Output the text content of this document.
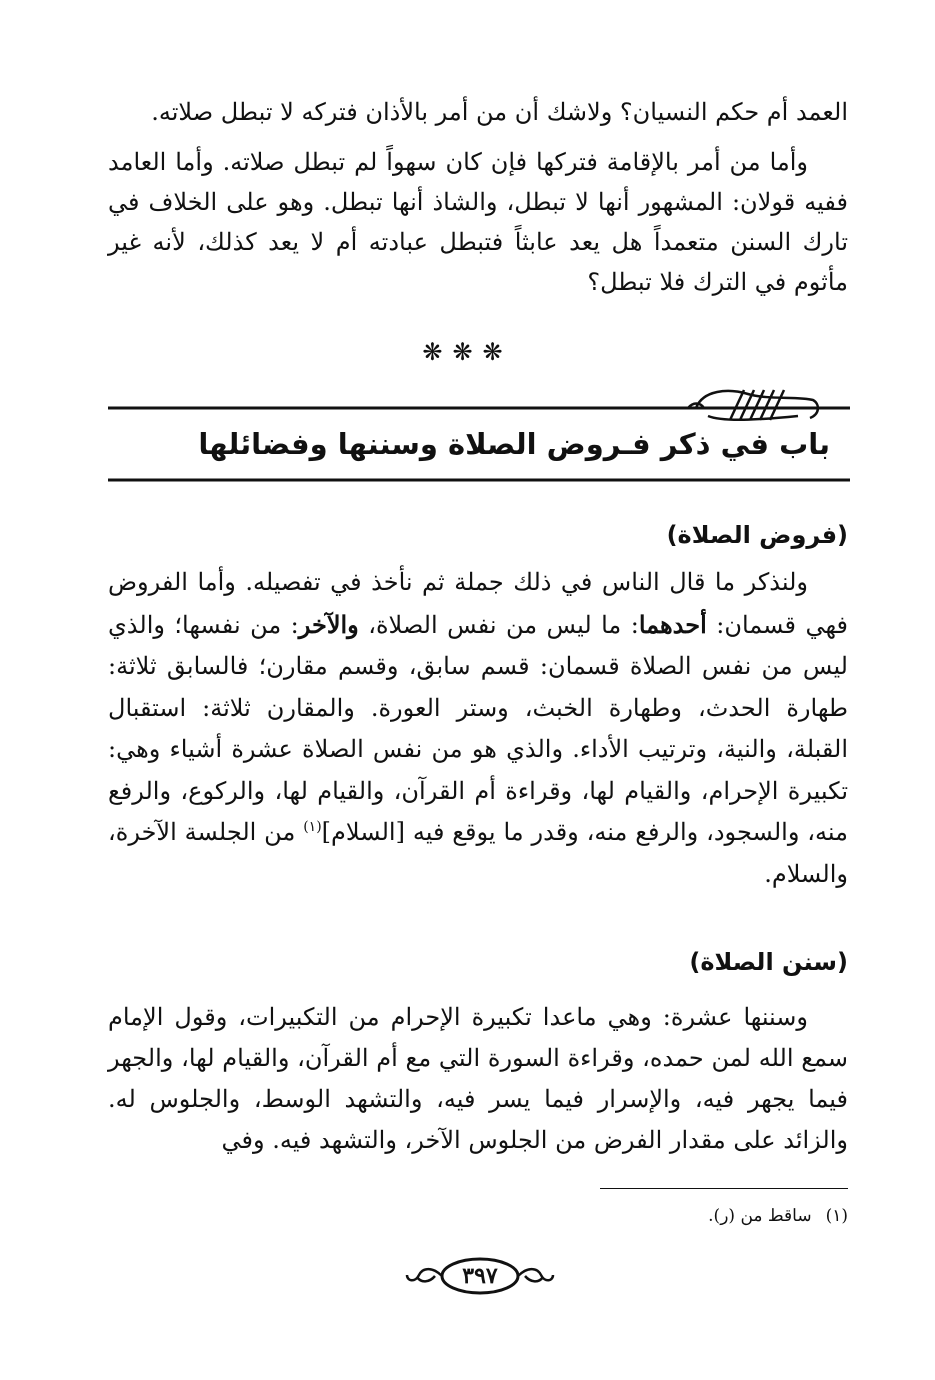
العمد أم حكم النسيان؟ ولاشك أن من أمر بالأذان فتركه لا تبطل صلاته.

وأما من أمر بالإقامة فتركها فإن كان سهواً لم تبطل صلاته. وأما العامد ففيه قولان: المشهور أنها لا تبطل، والشاذ أنها تبطل. وهو على الخلاف في تارك السنن متعمداً هل يعد عابثاً فتبطل عبادته أم لا يعد كذلك، لأنه غير مأثوم في الترك فلا تبطل؟

❋❋❋
باب في ذكر فـروض الصلاة وسننها وفضائلها
(فروض الصلاة)

ولنذكر ما قال الناس في ذلك جملة ثم نأخذ في تفصيله. وأما الفروض فهي قسمان: أحدهما: ما ليس من نفس الصلاة، والآخر: من نفسها؛ والذي ليس من نفس الصلاة قسمان: قسم سابق، وقسم مقارن؛ فالسابق ثلاثة: طهارة الحدث، وطهارة الخبث، وستر العورة. والمقارن ثلاثة: استقبال القبلة، والنية، وترتيب الأداء. والذي هو من نفس الصلاة عشرة أشياء وهي: تكبيرة الإحرام، والقيام لها، وقراءة أم القرآن، والقيام لها، والركوع، والرفع منه، والسجود، والرفع منه، وقدر ما يوقع فيه [السلام]$^{(١)}$ من الجلسة الآخرة، والسلام.

(سنن الصلاة)

وسننها عشرة: وهي ماعدا تكبيرة الإحرام من التكبيرات، وقول الإمام سمع الله لمن حمده، وقراءة السورة التي مع أم القرآن، والقيام لها، والجهر فيما يجهر فيه، والإسرار فيما يسر فيه، والتشهد الوسط، والجلوس له. والزائد على مقدار الفرض من الجلوس الآخر، والتشهد فيه. وفي

(١)ساقط من (ر).
٣٩٧
